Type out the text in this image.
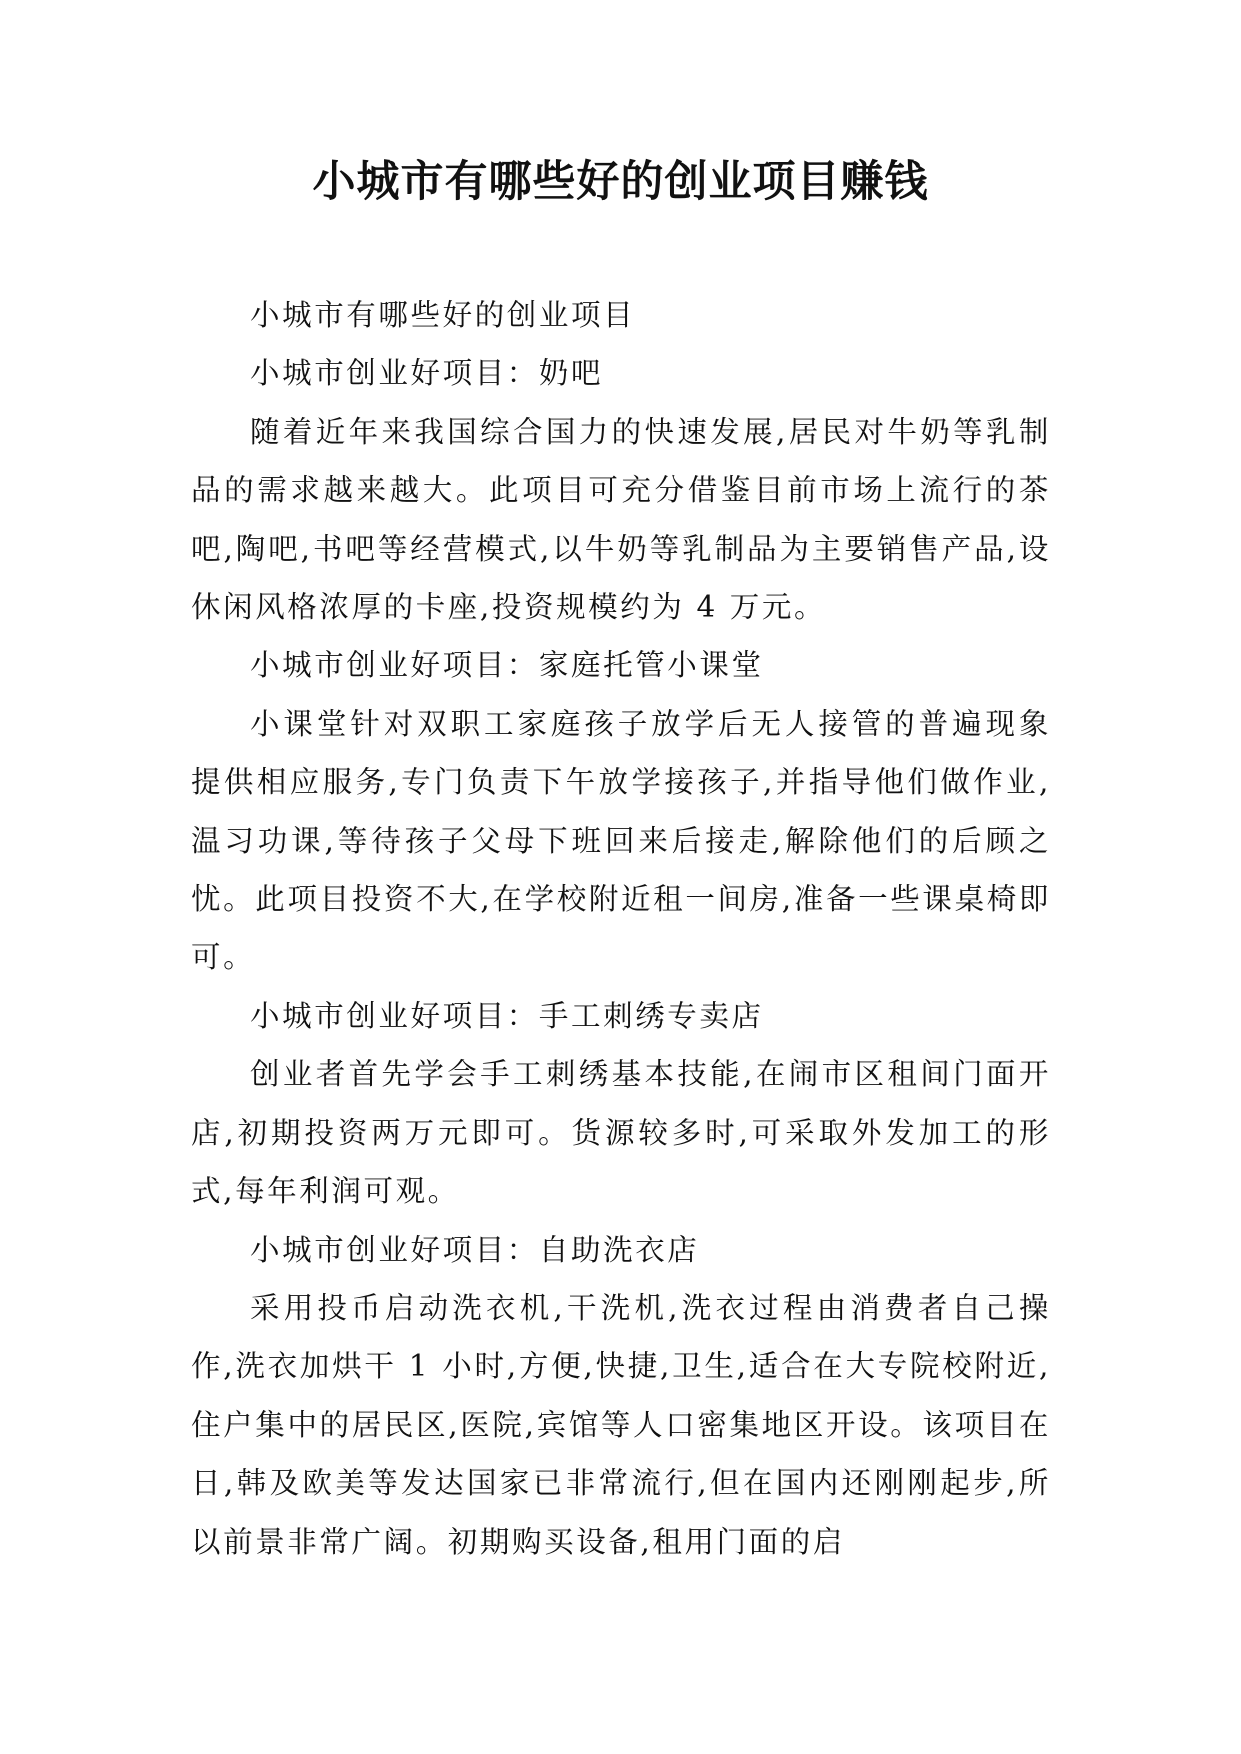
小城市有哪些好的创业项目赚钱

小城市有哪些好的创业项目

小城市创业好项目：奶吧

随着近年来我国综合国力的快速发展,居民对牛奶等乳制品的需求越来越大。此项目可充分借鉴目前市场上流行的茶吧,陶吧,书吧等经营模式,以牛奶等乳制品为主要销售产品,设休闲风格浓厚的卡座,投资规模约为 4 万元。

小城市创业好项目：家庭托管小课堂

小课堂针对双职工家庭孩子放学后无人接管的普遍现象提供相应服务,专门负责下午放学接孩子,并指导他们做作业,温习功课,等待孩子父母下班回来后接走,解除他们的后顾之忧。此项目投资不大,在学校附近租一间房,准备一些课桌椅即可。

小城市创业好项目：手工刺绣专卖店

创业者首先学会手工刺绣基本技能,在闹市区租间门面开店,初期投资两万元即可。货源较多时,可采取外发加工的形式,每年利润可观。

小城市创业好项目：自助洗衣店

采用投币启动洗衣机,干洗机,洗衣过程由消费者自己操作,洗衣加烘干 1 小时,方便,快捷,卫生,适合在大专院校附近,住户集中的居民区,医院,宾馆等人口密集地区开设。该项目在日,韩及欧美等发达国家已非常流行,但在国内还刚刚起步,所以前景非常广阔。初期购买设备,租用门面的启
